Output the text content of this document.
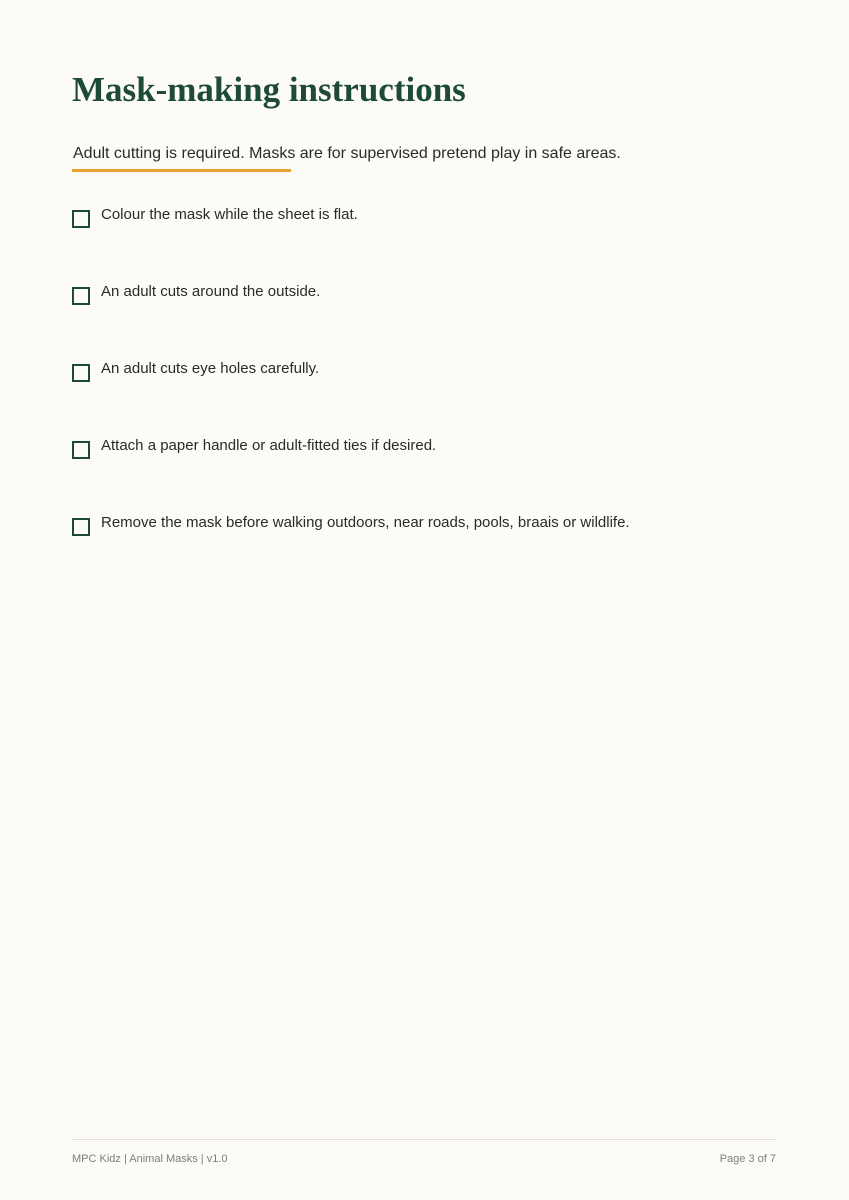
Mask-making instructions
Adult cutting is required. Masks are for supervised pretend play in safe areas.
Colour the mask while the sheet is flat.
An adult cuts around the outside.
An adult cuts eye holes carefully.
Attach a paper handle or adult-fitted ties if desired.
Remove the mask before walking outdoors, near roads, pools, braais or wildlife.
MPC Kidz | Animal Masks | v1.0	Page 3 of 7
